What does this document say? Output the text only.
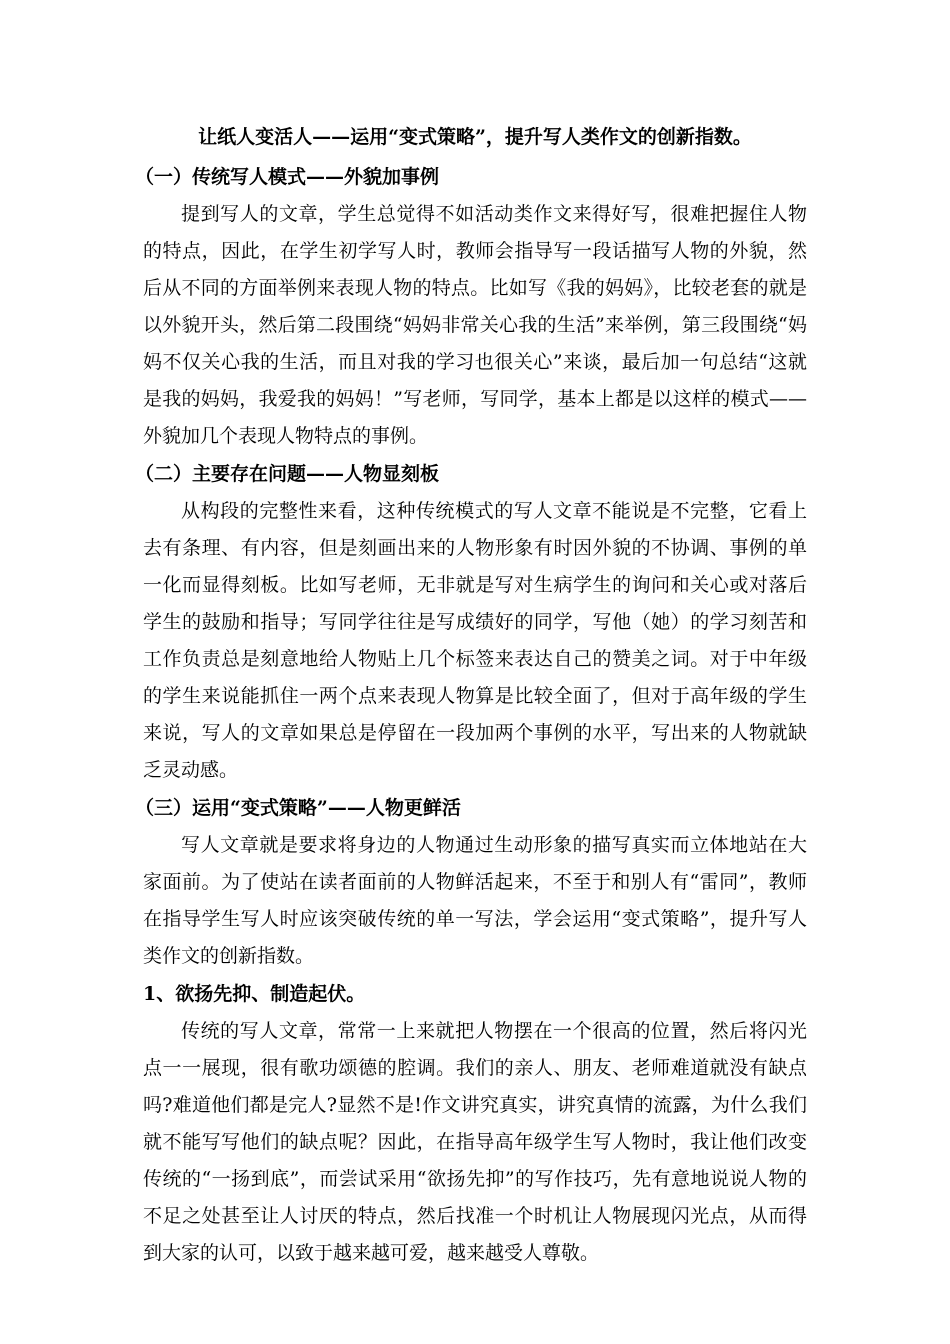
让纸人变活人——运用“变式策略”，提升写人类作文的创新指数。
（一）传统写人模式——外貌加事例
提到写人的文章，学生总觉得不如活动类作文来得好写，很难把握住人物的特点，因此，在学生初学写人时，教师会指导写一段话描写人物的外貌，然后从不同的方面举例来表现人物的特点。比如写《我的妈妈》，比较老套的就是以外貌开头，然后第二段围绕“妈妈非常关心我的生活”来举例，第三段围绕“妈妈不仅关心我的生活，而且对我的学习也很关心”来谈，最后加一句总结“这就是我的妈妈，我爱我的妈妈！”写老师，写同学，基本上都是以这样的模式——外貌加几个表现人物特点的事例。
（二）主要存在问题——人物显刻板
从构段的完整性来看，这种传统模式的写人文章不能说是不完整，它看上去有条理、有内容，但是刻画出来的人物形象有时因外貌的不协调、事例的单一化而显得刻板。比如写老师，无非就是写对生病学生的询问和关心或对落后学生的鼓励和指导；写同学往往是写成绩好的同学，写他（她）的学习刻苦和工作负责总是刻意地给人物贴上几个标签来表达自己的赞美之词。对于中年级的学生来说能抓住一两个点来表现人物算是比较全面了，但对于高年级的学生来说，写人的文章如果总是停留在一段加两个事例的水平，写出来的人物就缺乏灵动感。
（三）运用“变式策略”——人物更鲜活
写人文章就是要求将身边的人物通过生动形象的描写真实而立体地站在大家面前。为了使站在读者面前的人物鲜活起来，不至于和别人有“雷同”，教师在指导学生写人时应该突破传统的单一写法，学会运用“变式策略”，提升写人类作文的创新指数。
1、欲扬先抑、制造起伏。
传统的写人文章，常常一上来就把人物摆在一个很高的位置，然后将闪光点一一展现，很有歌功颂德的腔调。我们的亲人、朋友、老师难道就没有缺点吗?难道他们都是完人?显然不是!作文讲究真实，讲究真情的流露，为什么我们就不能写写他们的缺点呢？因此，在指导高年级学生写人物时，我让他们改变传统的“一扬到底”，而尝试采用“欲扬先抑”的写作技巧，先有意地说说人物的不足之处甚至让人讨厌的特点，然后找准一个时机让人物展现闪光点，从而得到大家的认可，以致于越来越可爱，越来越受人尊敬。
